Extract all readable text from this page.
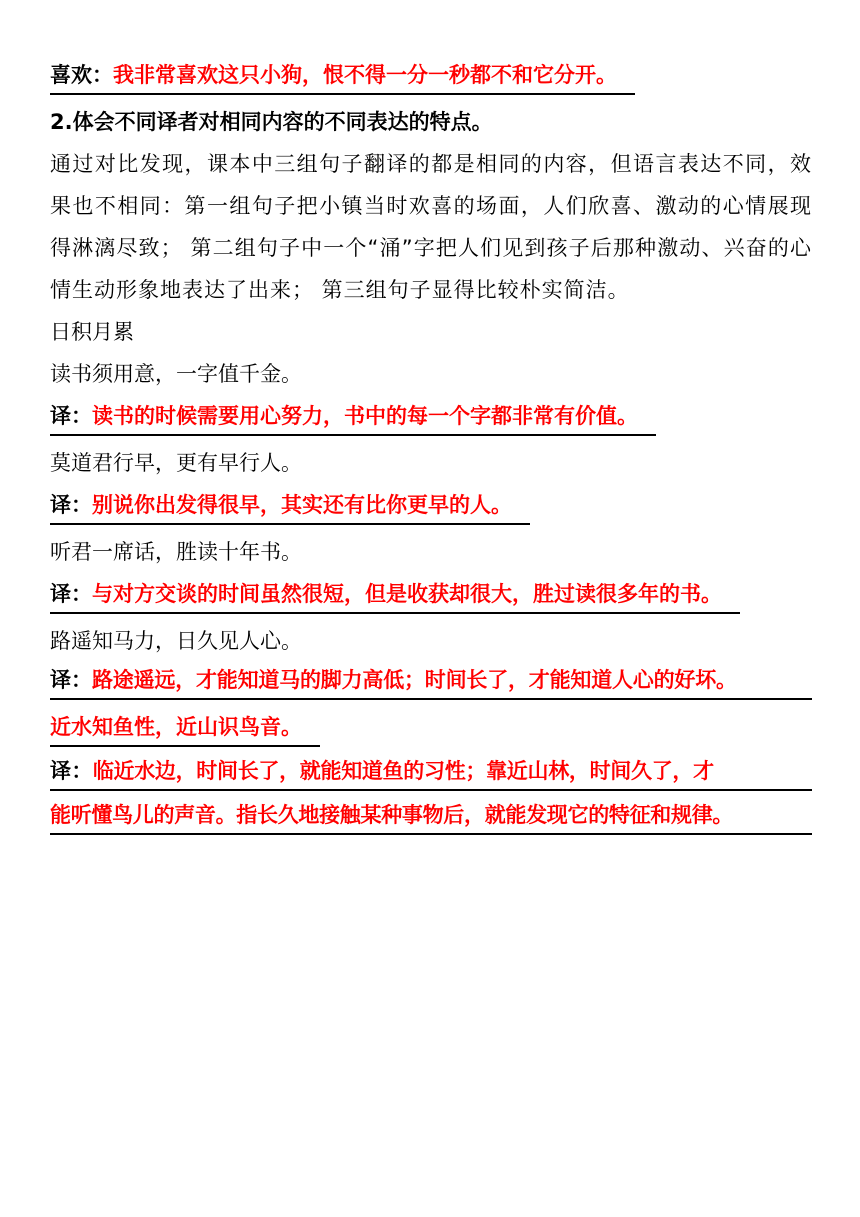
喜欢：我非常喜欢这只小狗，恨不得一分一秒都不和它分开。
2.体会不同译者对相同内容的不同表达的特点。
通过对比发现，课本中三组句子翻译的都是相同的内容，但语言表达不同，效果也不相同：第一组句子把小镇当时欢喜的场面，人们欣喜、激动的心情展现得淋漓尽致； 第二组句子中一个“涌”字把人们见到孩子后那种激动、兴奋的心情生动形象地表达了出来； 第三组句子显得比较朴实简洁。
日积月累
读书须用意，一字值千金。
译：读书的时候需要用心努力，书中的每一个字都非常有价值。
莫道君行早，更有早行人。
译：别说你出发得很早，其实还有比你更早的人。
听君一席话，胜读十年书。
译：与对方交谈的时间虽然很短，但是收获却很大，胜过读很多年的书。
路遥知马力，日久见人心。
译：路途遥远，才能知道马的脚力高低；时间长了，才能知道人心的好坏。
近水知鱼性，近山识鸟音。
译：临近水边，时间长了，就能知道鱼的习性；靠近山林，时间久了，才
能听懂鸟儿的声音。指长久地接触某种事物后，就能发现它的特征和规律。
